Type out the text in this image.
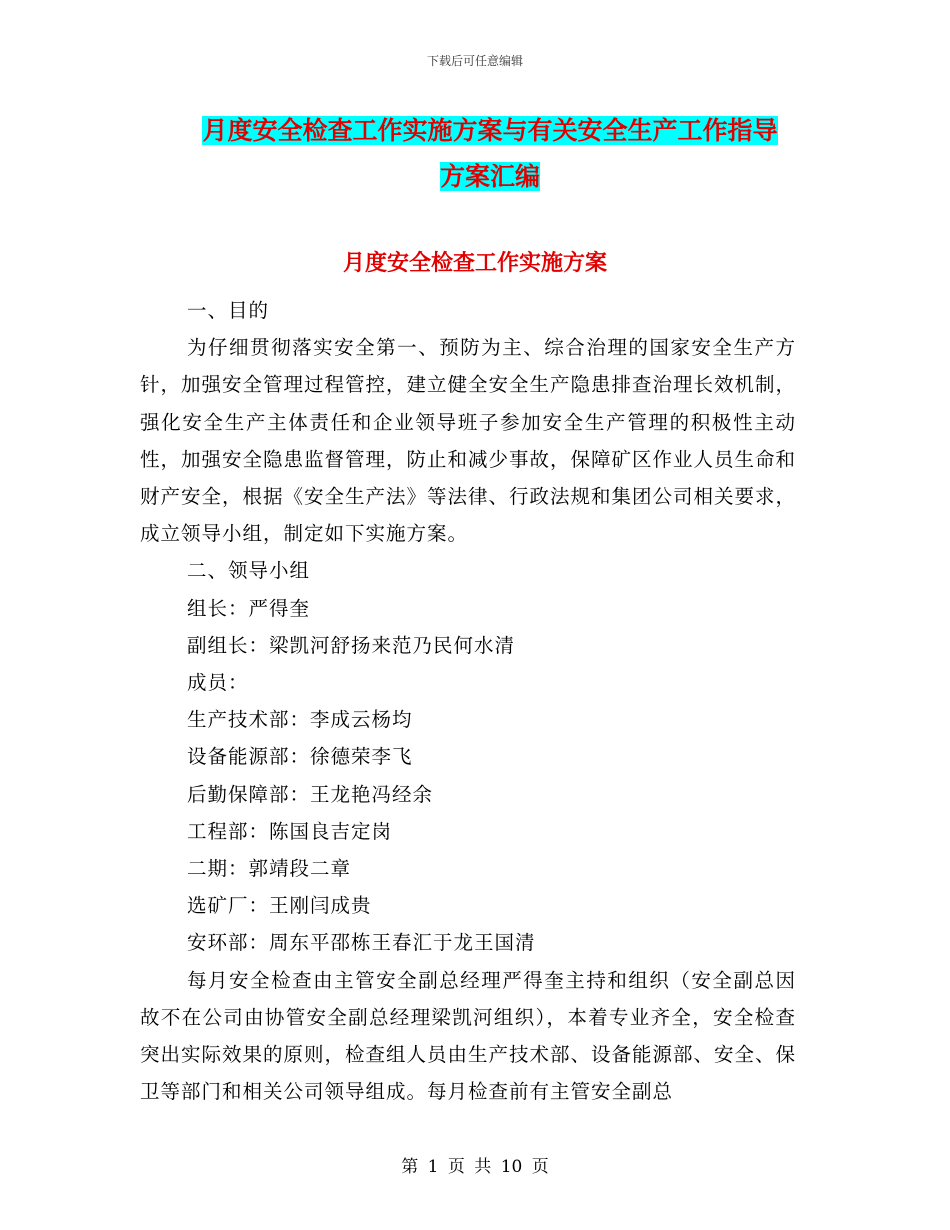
下载后可任意编辑
月度安全检查工作实施方案与有关安全生产工作指导
方案汇编
月度安全检查工作实施方案

一、目的

为仔细贯彻落实安全第一、预防为主、综合治理的国家安全生产方针，加强安全管理过程管控，建立健全安全生产隐患排查治理长效机制，强化安全生产主体责任和企业领导班子参加安全生产管理的积极性主动性，加强安全隐患监督管理，防止和减少事故，保障矿区作业人员生命和财产安全，根据《安全生产法》等法律、行政法规和集团公司相关要求，成立领导小组，制定如下实施方案。

二、领导小组

组长：严得奎

副组长：梁凯河舒扬来范乃民何水清

成员：

生产技术部：李成云杨均

设备能源部：徐德荣李飞

后勤保障部：王龙艳冯经余

工程部：陈国良吉定岗

二期：郭靖段二章

选矿厂：王刚闫成贵

安环部：周东平邵栋王春汇于龙王国清

每月安全检查由主管安全副总经理严得奎主持和组织（安全副总因故不在公司由协管安全副总经理梁凯河组织），本着专业齐全，安全检查突出实际效果的原则，检查组人员由生产技术部、设备能源部、安全、保卫等部门和相关公司领导组成。每月检查前有主管安全副总

第 1 页 共 10 页
